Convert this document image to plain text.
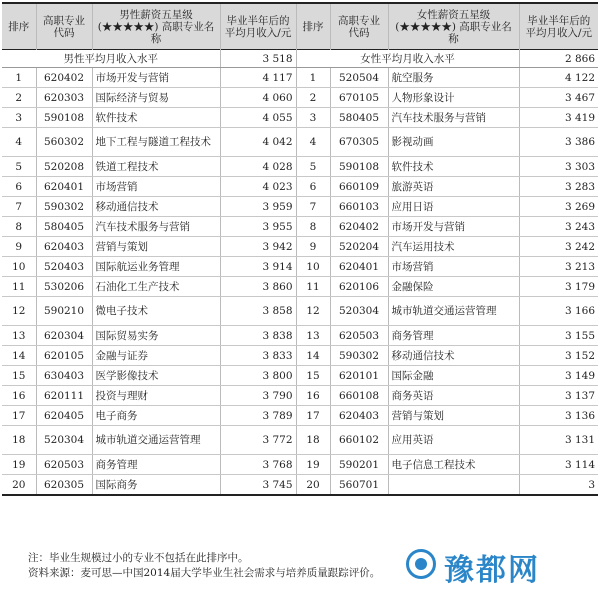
排序	高职专业代码	男性薪资五星级 (★★★★★) 高职专业名称	毕业半年后的平均月收入/元	排序	高职专业代码	女性薪资五星级 (★★★★★) 高职专业名称	毕业半年后的平均月收入/元
男性平均月收入水平			3 518	女性平均月收入水平			2 866
1	620402	市场开发与营销	4 117	1	520504	航空服务	4 122
2	620303	国际经济与贸易	4 060	2	670105	人物形象设计	3 467
3	590108	软件技术	4 055	3	580405	汽车技术服务与营销	3 419
4	560302	地下工程与隧道工程技术	4 042	4	670305	影视动画	3 386
5	520208	铁道工程技术	4 028	5	590108	软件技术	3 303
6	620401	市场营销	4 023	6	660109	旅游英语	3 283
7	590302	移动通信技术	3 959	7	660103	应用日语	3 269
8	580405	汽车技术服务与营销	3 955	8	620402	市场开发与营销	3 243
9	620403	营销与策划	3 942	9	520204	汽车运用技术	3 242
10	520403	国际航运业务管理	3 914	10	620401	市场营销	3 213
11	530206	石油化工生产技术	3 860	11	620106	金融保险	3 179
12	590210	微电子技术	3 858	12	520304	城市轨道交通运营管理	3 166
13	620304	国际贸易实务	3 838	13	620503	商务管理	3 155
14	620105	金融与证券	3 833	14	590302	移动通信技术	3 152
15	630403	医学影像技术	3 800	15	620101	国际金融	3 149
16	620111	投资与理财	3 790	16	660108	商务英语	3 137
17	620405	电子商务	3 789	17	620403	营销与策划	3 136
18	520304	城市轨道交通运营管理	3 772	18	660102	应用英语	3 131
19	620503	商务管理	3 768	19	590201	电子信息工程技术	3 114
20	620305	国际商务	3 745	20	560701		3
注：毕业生规模过小的专业不包括在此排序中。
资料来源：麦可思—中国2014届大学毕业生社会需求与培养质量跟踪评价。 豫都网
